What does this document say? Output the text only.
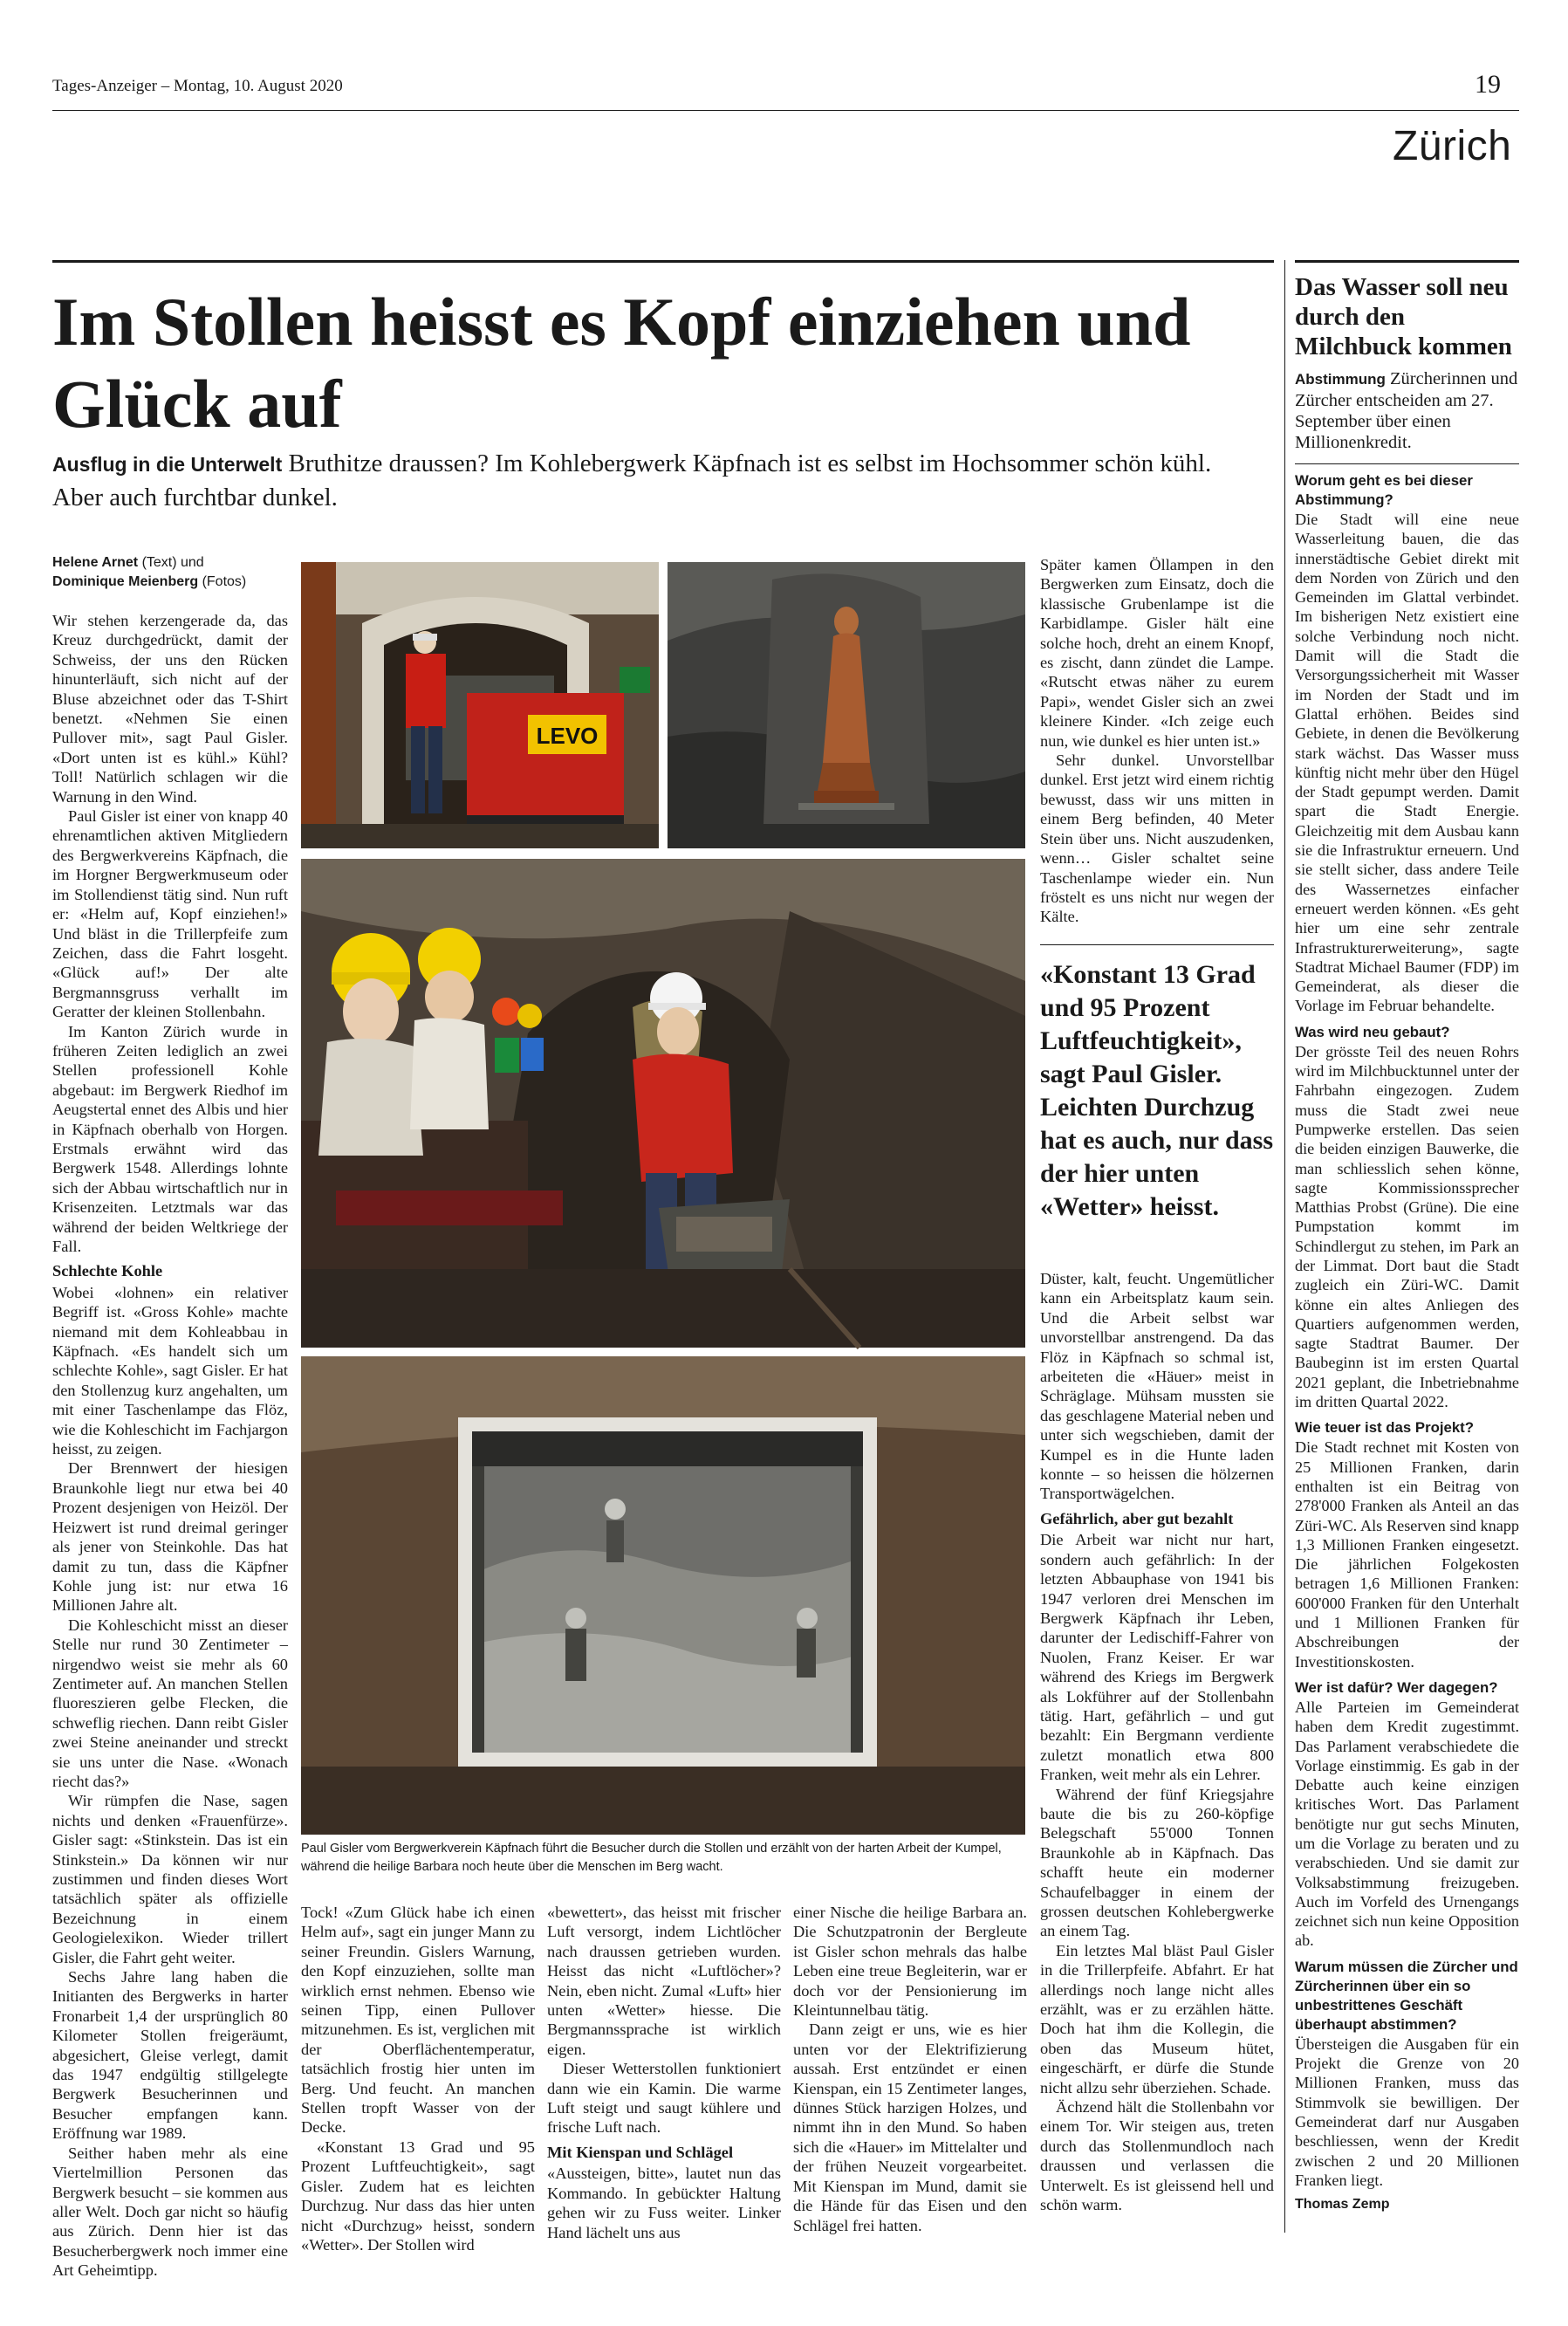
Tages-Anzeiger – Montag, 10. August 2020	19
Zürich
Im Stollen heisst es Kopf einziehen und Glück auf
Ausflug in die Unterwelt Bruthitze draussen? Im Kohlebergwerk Käpfnach ist es selbst im Hochsommer schön kühl. Aber auch furchtbar dunkel.
Helene Arnet (Text) und
Dominique Meienberg (Fotos)

Wir stehen kerzengerade da, das Kreuz durchgedrückt, damit der Schweiss, der uns den Rücken hinunterläuft, sich nicht auf der Bluse abzeichnet oder das T-Shirt benetzt. «Nehmen Sie einen Pullover mit», sagt Paul Gisler. «Dort unten ist es kühl.» Kühl? Toll! Natürlich schlagen wir die Warnung in den Wind.

Paul Gisler ist einer von knapp 40 ehrenamtlichen aktiven Mitgliedern des Bergwerkvereins Käpfnach, die im Horgner Bergwerkmuseum oder im Stollendienst tätig sind. Nun ruft er: «Helm auf, Kopf einziehen!» Und bläst in die Trillerpfeife zum Zeichen, dass die Fahrt losgeht. «Glück auf!» Der alte Bergmannsgruss verhallt im Geratter der kleinen Stollenbahn.

Im Kanton Zürich wurde in früheren Zeiten lediglich an zwei Stellen professionell Kohle abgebaut: im Bergwerk Riedhof im Aeugstertal ennet des Albis und hier in Käpfnach oberhalb von Horgen. Erstmals erwähnt wird das Bergwerk 1548. Allerdings lohnte sich der Abbau wirtschaftlich nur in Krisenzeiten. Letztmals war das während der beiden Weltkriege der Fall.

Schlechte Kohle

Wobei «lohnen» ein relativer Begriff ist. «Gross Kohle» machte niemand mit dem Kohleabbau in Käpfnach. «Es handelt sich um schlechte Kohle», sagt Gisler. Er hat den Stollenzug kurz angehalten, um mit einer Taschenlampe das Flöz, wie die Kohleschicht im Fachjargon heisst, zu zeigen.

Der Brennwert der hiesigen Braunkohle liegt nur etwa bei 40 Prozent desjenigen von Heizöl. Der Heizwert ist rund dreimal geringer als jener von Steinkohle. Das hat damit zu tun, dass die Käpfner Kohle jung ist: nur etwa 16 Millionen Jahre alt.

Die Kohleschicht misst an dieser Stelle nur rund 30 Zentimeter – nirgendwo weist sie mehr als 60 Zentimeter auf. An manchen Stellen fluoreszieren gelbe Flecken, die schweflig riechen. Dann reibt Gisler zwei Steine aneinander und streckt sie uns unter die Nase. «Wonach riecht das?»

Wir rümpfen die Nase, sagen nichts und denken «Frauenfürze». Gisler sagt: «Stinkstein. Das ist ein Stinkstein.» Da können wir nur zustimmen und finden dieses Wort tatsächlich später als offizielle Bezeichnung in einem Geologielexikon. Wieder trillert Gisler, die Fahrt geht weiter.

Sechs Jahre lang haben die Initianten des Bergwerks in harter Fronarbeit 1,4 der ursprünglich 80 Kilometer Stollen freigeräumt, abgesichert, Gleise verlegt, damit das 1947 endgültig stillgelegte Bergwerk Besucherinnen und Besucher empfangen kann. Eröffnung war 1989.

Seither haben mehr als eine Viertelmillion Personen das Bergwerk besucht – sie kommen aus aller Welt. Doch gar nicht so häufig aus Zürich. Denn hier ist das Besucherbergwerk noch immer eine Art Geheimtipp.

LEVO
Paul Gisler vom Bergwerkverein Käpfnach führt die Besucher durch die Stollen und erzählt von der harten Arbeit der Kumpel, während die heilige Barbara noch heute über die Menschen im Berg wacht.

Tock! «Zum Glück habe ich einen Helm auf», sagt ein junger Mann zu seiner Freundin. Gislers Warnung, den Kopf einzuziehen, sollte man wirklich ernst nehmen. Ebenso wie seinen Tipp, einen Pullover mitzunehmen. Es ist, verglichen mit der Oberflächentemperatur, tatsächlich frostig hier unten im Berg. Und feucht. An manchen Stellen tropft Wasser von der Decke.

«Konstant 13 Grad und 95 Prozent Luftfeuchtigkeit», sagt Gisler. Zudem hat es leichten Durchzug. Nur dass das hier unten nicht «Durchzug» heisst, sondern «Wetter». Der Stollen wird

«bewettert», das heisst mit frischer Luft versorgt, indem Lichtlöcher nach draussen getrieben wurden. Heisst das nicht «Luftlöcher»? Nein, eben nicht. Zumal «Luft» hier unten «Wetter» hiesse. Die Bergmannssprache ist wirklich eigen.

Dieser Wetterstollen funktioniert dann wie ein Kamin. Die warme Luft steigt und saugt kühlere und frische Luft nach.

Mit Kienspan und Schlägel

«Aussteigen, bitte», lautet nun das Kommando. In gebückter Haltung gehen wir zu Fuss weiter. Linker Hand lächelt uns aus

einer Nische die heilige Barbara an. Die Schutzpatronin der Bergleute ist Gisler schon mehrals das halbe Leben eine treue Begleiterin, war er doch vor der Pensionierung im Kleintunnelbau tätig.

Dann zeigt er uns, wie es hier unten vor der Elektrifizierung aussah. Erst entzündet er einen Kienspan, ein 15 Zentimeter langes, dünnes Stück harzigen Holzes, und nimmt ihn in den Mund. So haben sich die «Hauer» im Mittelalter und der frühen Neuzeit vorgearbeitet. Mit Kienspan im Mund, damit sie die Hände für das Eisen und den Schlägel frei hatten.

Später kamen Öllampen in den Bergwerken zum Einsatz, doch die klassische Grubenlampe ist die Karbidlampe. Gisler hält eine solche hoch, dreht an einem Knopf, es zischt, dann zündet die Lampe. «Rutscht etwas näher zu eurem Papi», wendet Gisler sich an zwei kleinere Kinder. «Ich zeige euch nun, wie dunkel es hier unten ist.»

Sehr dunkel. Unvorstellbar dunkel. Erst jetzt wird einem richtig bewusst, dass wir uns mitten in einem Berg befinden, 40 Meter Stein über uns. Nicht auszudenken, wenn… Gisler schaltet seine Taschenlampe wieder ein. Nun fröstelt es uns nicht nur wegen der Kälte.

«Konstant 13 Grad und 95 Prozent Luftfeuchtigkeit», sagt Paul Gisler. Leichten Durchzug hat es auch, nur dass der hier unten «Wetter» heisst.

Düster, kalt, feucht. Ungemütlicher kann ein Arbeitsplatz kaum sein. Und die Arbeit selbst war unvorstellbar anstrengend. Da das Flöz in Käpfnach so schmal ist, arbeiteten die «Häuer» meist in Schräglage. Mühsam mussten sie das geschlagene Material neben und unter sich wegschieben, damit der Kumpel es in die Hunte laden konnte – so heissen die hölzernen Transportwägelchen.

Gefährlich, aber gut bezahlt

Die Arbeit war nicht nur hart, sondern auch gefährlich: In der letzten Abbauphase von 1941 bis 1947 verloren drei Menschen im Bergwerk Käpfnach ihr Leben, darunter der Ledischiff-Fahrer von Nuolen, Franz Keiser. Er war während des Kriegs im Bergwerk als Lokführer auf der Stollenbahn tätig. Hart, gefährlich – und gut bezahlt: Ein Bergmann verdiente zuletzt monatlich etwa 800 Franken, weit mehr als ein Lehrer.

Während der fünf Kriegsjahre baute die bis zu 260-köpfige Belegschaft 55'000 Tonnen Braunkohle ab in Käpfnach. Das schafft heute ein moderner Schaufelbagger in einem der grossen deutschen Kohlebergwerke an einem Tag.

Ein letztes Mal bläst Paul Gisler in die Trillerpfeife. Abfahrt. Er hat allerdings noch lange nicht alles erzählt, was er zu erzählen hätte. Doch hat ihm die Kollegin, die oben das Museum hütet, eingeschärft, er dürfe die Stunde nicht allzu sehr überziehen. Schade.

Ächzend hält die Stollenbahn vor einem Tor. Wir steigen aus, treten durch das Stollenmundloch nach draussen und verlassen die Unterwelt. Es ist gleissend hell und schön warm.

Das Wasser soll neu durch den Milchbuck kommen
Abstimmung Zürcherinnen und Zürcher entscheiden am 27. September über einen Millionenkredit.

Worum geht es bei dieser Abstimmung?

Die Stadt will eine neue Wasserleitung bauen, die das innerstädtische Gebiet direkt mit dem Norden von Zürich und den Gemeinden im Glattal verbindet. Im bisherigen Netz existiert eine solche Verbindung noch nicht. Damit will die Stadt die Versorgungssicherheit mit Wasser im Norden der Stadt und im Glattal erhöhen. Beides sind Gebiete, in denen die Bevölkerung stark wächst. Das Wasser muss künftig nicht mehr über den Hügel der Stadt gepumpt werden. Damit spart die Stadt Energie. Gleichzeitig mit dem Ausbau kann sie die Infrastruktur erneuern. Und sie stellt sicher, dass andere Teile des Wassernetzes einfacher erneuert werden können. «Es geht hier um eine sehr zentrale Infrastrukturerweiterung», sagte Stadtrat Michael Baumer (FDP) im Gemeinderat, als dieser die Vorlage im Februar behandelte.

Was wird neu gebaut?

Der grösste Teil des neuen Rohrs wird im Milchbucktunnel unter der Fahrbahn eingezogen. Zudem muss die Stadt zwei neue Pumpwerke erstellen. Das seien die beiden einzigen Bauwerke, die man schliesslich sehen könne, sagte Kommissionssprecher Matthias Probst (Grüne). Die eine Pumpstation kommt im Schindlergut zu stehen, im Park an der Limmat. Dort baut die Stadt zugleich ein Züri-WC. Damit könne ein altes Anliegen des Quartiers aufgenommen werden, sagte Stadtrat Baumer. Der Baubeginn ist im ersten Quartal 2021 geplant, die Inbetriebnahme im dritten Quartal 2022.

Wie teuer ist das Projekt?

Die Stadt rechnet mit Kosten von 25 Millionen Franken, darin enthalten ist ein Beitrag von 278'000 Franken als Anteil an das Züri-WC. Als Reserven sind knapp 1,3 Millionen Franken eingesetzt. Die jährlichen Folgekosten betragen 1,6 Millionen Franken: 600'000 Franken für den Unterhalt und 1 Millionen Franken für Abschreibungen der Investitionskosten.

Wer ist dafür? Wer dagegen?

Alle Parteien im Gemeinderat haben dem Kredit zugestimmt. Das Parlament verabschiedete die Vorlage einstimmig. Es gab in der Debatte auch keine einzigen kritisches Wort. Das Parlament benötigte nur gut sechs Minuten, um die Vorlage zu beraten und zu verabschieden. Und sie damit zur Volksabstimmung freizugeben. Auch im Vorfeld des Urnengangs zeichnet sich nun keine Opposition ab.

Warum müssen die Zürcher und Zürcherinnen über ein so unbestrittenes Geschäft überhaupt abstimmen?

Übersteigen die Ausgaben für ein Projekt die Grenze von 20 Millionen Franken, muss das Stimmvolk sie bewilligen. Der Gemeinderat darf nur Ausgaben beschliessen, wenn der Kredit zwischen 2 und 20 Millionen Franken liegt.

Thomas Zemp
